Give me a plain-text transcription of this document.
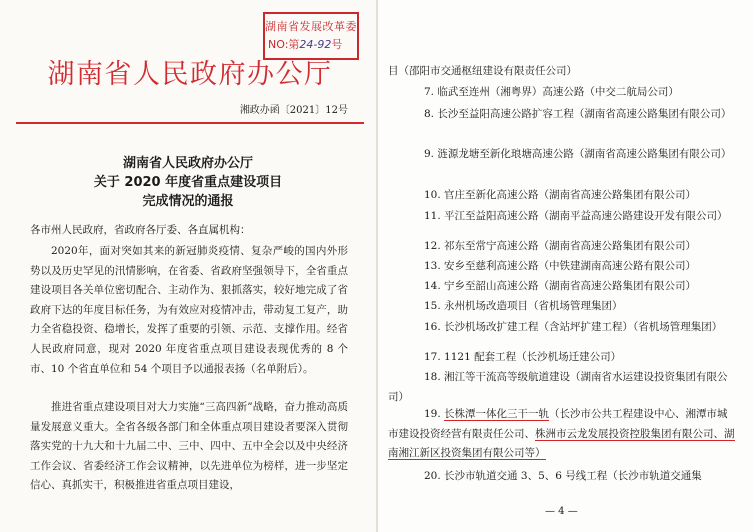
湖南省发展改革委
NO:第24-92号
湖南省人民政府办公厅
湘政办函〔2021〕12号
湖南省人民政府办公厅
关于 2020 年度省重点建设项目
完成情况的通报
各市州人民政府，省政府各厅委、各直属机构：
2020年，面对突如其来的新冠肺炎疫情、复杂严峻的国内外形势以及历史罕见的汛情影响，在省委、省政府坚强领导下，全省重点建设项目各关单位密切配合、主动作为、狠抓落实，较好地完成了省政府下达的年度目标任务，为有效应对疫情冲击，带动复工复产，助力全省稳投资、稳增长，发挥了重要的引领、示范、支撑作用。经省人民政府同意，现对 2020 年度省重点项目建设表现优秀的 8 个市、10 个省直单位和 54 个项目予以通报表扬（名单附后）。
推进省重点建设项目对大力实施“三高四新”战略，奋力推动高质量发展意义重大。全省各级各部门和全体重点项目建设者要深入贯彻落实党的十九大和十九届二中、三中、四中、五中全会以及中央经济工作会议、省委经济工作会议精神，以先进单位为榜样，进一步坚定信心、真抓实干，积极推进省重点项目建设，
目（邵阳市交通枢纽建设有限责任公司）
7. 临武至连州（湘粤界）高速公路（中交二航局公司）
8. 长沙至益阳高速公路扩容工程（湖南省高速公路集团有限公司）
9. 涟源龙塘至新化琅塘高速公路（湖南省高速公路集团有限公司）
10. 官庄至新化高速公路（湖南省高速公路集团有限公司）
11. 平江至益阳高速公路（湖南平益高速公路建设开发有限公司）
12. 祁东至常宁高速公路（湖南省高速公路集团有限公司）
13. 安乡至慈利高速公路（中铁建湖南高速公路有限公司）
14. 宁乡至韶山高速公路（湖南省高速公路集团有限公司）
15. 永州机场改造项目（省机场管理集团）
16. 长沙机场改扩建工程（含站坪扩建工程）（省机场管理集团）
17. 1121 配套工程（长沙机场迁建公司）
18. 湘江等干流高等级航道建设（湖南省水运建设投资集团有限公司）
19. 长株潭一体化三干一轨（长沙市公共工程建设中心、湘潭市城市建设投资经营有限责任公司、株洲市云龙发展投资控股集团有限公司、湖南湘江新区投资集团有限公司等）
20. 长沙市轨道交通 3、5、6 号线工程（长沙市轨道交通集
— 4 —
